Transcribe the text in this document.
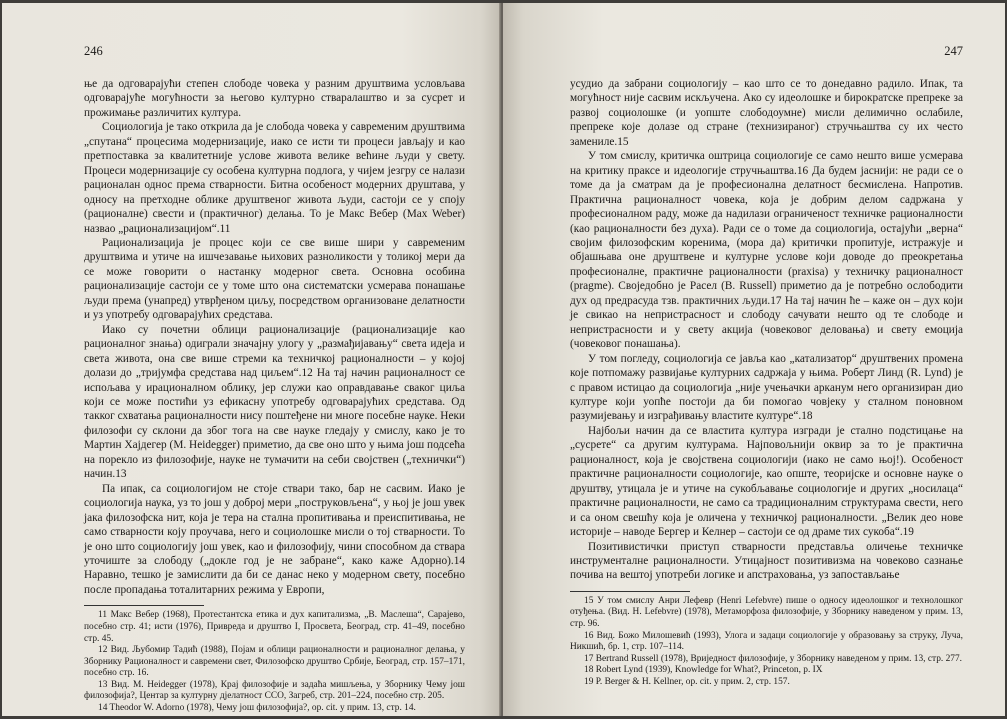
246

ње да одговарајући степен слободе човека у разним друштвима условљава одговарајуће могућности за његово културно стваралаштво и за сусрет и прожимање различитих култура.

Социологија је тако открила да је слобода човека у савременим друштвима „спутана“ процесима модернизације, иако се исти ти процеси јављају и као претпоставка за квалитетније услове живота велике већине људи у свету. Процеси модернизације су особена културна подлога, у чијем језгру се налази рационалан однос према стварности. Битна особеност модерних друштава, у односу на претходне облике друштвеног живота људи, састоји се у споју (рационалне) свести и (практичног) делања. То је Макс Вебер (Max Weber) назвао „рационализацијом“.11

Рационализација је процес који се све више шири у савременим друштвима и утиче на ишчезавање њихових разноликости у толикој мери да се може говорити о настанку модерног света. Основна особина рационализације састоји се у томе што она систематски усмерава понашање људи према (унапред) утврђеном циљу, посредством организоване делатности и уз употребу одговарајућих средстава.

Иако су почетни облици рационализације (рационализације као рационалног знања) одиграли значајну улогу у „размађијавању“ света идеја и света живота, она све више стреми ка техничкој рационалности – у којој долази до „тријумфа средстава над циљем“.12 На тај начин рационалност се испољава у ирационалном облику, јер служи као оправдавање сваког циља који се може постићи уз ефикасну употребу одговарајућих средстава. Од такког схватања рационалности нису поштеђене ни многе посебне науке. Неки филозофи су склони да због тога на све науке гледају у смислу, како је то Мартин Хајдегер (M. Heidegger) приметио, да све оно што у њима још подсећа на порекло из филозофије, науке не тумачити на себи својствен („технички“) начин.13

Па ипак, са социологијом не стоје ствари тако, бар не сасвим. Иако је социологија наука, уз то још у доброј мери „поструковљена“, у њој је још увек јака филозофска нит, која је тера на стална пропитивања и преиспитивања, не само стварности коју проучава, него и социолошке мисли о тој стварности. То је оно што социологију још увек, као и филозофију, чини способном да ствара уточиште за слободу („докле год је не забране“, како каже Адорно).14 Наравно, тешко је замислити да би се данас неко у модерном свету, посебно после пропадања тоталитарних режима у Европи,

11 Макс Вебер (1968), Протестантска етика и дух капитализма, „В. Маслеша“, Сарајево, посебно стр. 41; исти (1976), Привреда и друштво I, Просвета, Београд, стр. 41–49, посебно стр. 45.

12 Вид. Љубомир Тадић (1988), Појам и облици рационалности и рационалног делања, у Зборнику Рационалност и савремени свет, Филозофско друштво Србије, Београд, стр. 157–171, посебно стр. 16.

13 Вид. M. Heidegger (1978), Крај филозофије и задаћа мишљења, у Зборнику Чему још филозофија?, Центар за културну дјелатност ССО, Загреб, стр. 201–224, посебно стр. 205.

14 Theodor W. Adorno (1978), Чему још филозофија?, op. cit. у прим. 13, стр. 14.

247

усудио да забрани социологију – као што се то донедавно радило. Ипак, та могућност није сасвим искључена. Ако су идеолошке и бирократске препреке за развој социолошке (и уопште слободоумне) мисли делимично ослабиле, препреке које долазе од стране (технизираног) стручњаштва су их често замениле.15

У том смислу, критичка оштрица социологије се само нешто више усмерава на критику праксе и идеологије стручњаштва.16 Да будем јаснији: не ради се о томе да ја сматрам да је професионална делатност бесмислена. Напротив. Практична рационалност човека, која је добрим делом садржана у професионалном раду, може да надилази ограниченост техничке рационалности (као рационалности без духа). Ради се о томе да социологија, остајући „верна“ својим филозофским коренима, (мора да) критички пропитује, истражује и објашњава оне друштвене и културне услове који доводе до преокретања професионалне, практичне рационалности (praxisа) у техничку рационалност (pragme). Своједобно је Расел (B. Russell) приметио да је потребно ослободити дух од предрасуда тзв. практичних људи.17 На тај начин ће – каже он – дух који је свикао на непристрасност и слободу сачувати нешто од те слободе и непристрасности и у свету акција (човековог деловања) и свету емоција (човековог понашања).

У том погледу, социологија се јавља као „катализатор“ друштвених промена које потпомажу развијање културних садржаја у њима. Роберт Линд (R. Lynd) је с правом истицао да социологија „није учењачки арканум него организиран дио културе који уопће постоји да би помогао човјеку у сталном поновном разумијевању и изграђивању властите културе“.18

Најбољи начин да се властита култура изгради је стално подстицање на „сусрете“ са другим културама. Најповољнији оквир за то је практична рационалност, која је својствена социологији (иако не само њој!). Особеност практичне рационалности социологије, као опште, теоријске и основне науке о друштву, утицала је и утиче на сукобљавање социологије и других „носилаца“ практичне рационалности, не само са традиционалним структурама свести, него и са оном свешћу која је оличена у техничкој рационалности. „Велик део нове историје – наводе Бергер и Келнер – састоји се од драме тих сукоба“.19

Позитивистички приступ стварности представља оличење техничке инструменталне рационалности. Утицајност позитивизма на човеково сазнање почива на вештој употреби логике и апстраховања, уз запостављање

15 У том смислу Анри Лефевр (Henri Lefebvre) пише о односу идеолошког и технолошког отуђења. (Вид. Н. Lefebvre) (1978), Метаморфоза филозофије, у Зборнику наведеном у прим. 13, стр. 96.

16 Вид. Божо Милошевић (1993), Улога и задаци социологије у образовању за струку, Луча, Никшић, бр. 1, стр. 107–114.

17 Bertrand Russell (1978), Вриједност филозофије, у Зборнику наведеном у прим. 13, стр. 277.

18 Robert Lynd (1939), Knowledge for What?, Princeton, p. IX

19 P. Berger & H. Kellner, op. cit. у прим. 2, стр. 157.
